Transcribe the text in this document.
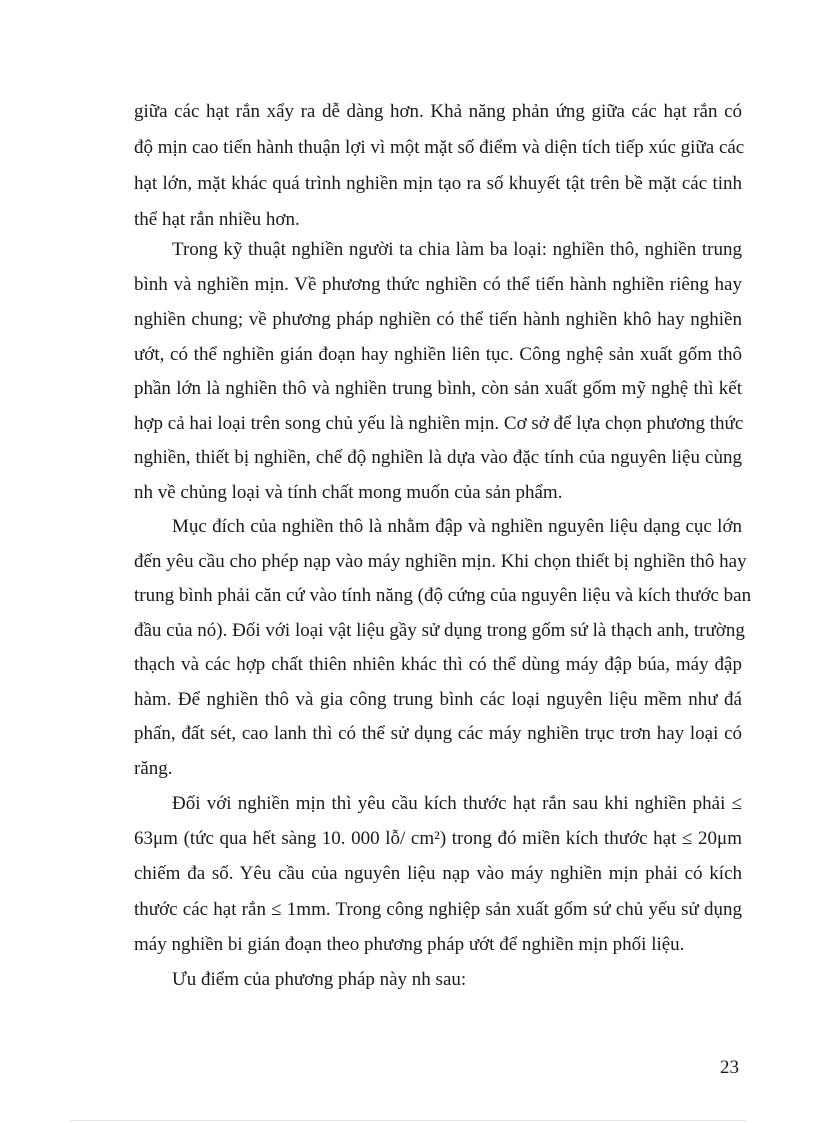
giữa các hạt rắn xẩy ra dễ dàng hơn. Khả năng phản ứng giữa các hạt rắn có
độ mịn cao tiến hành thuận lợi vì một mặt số điểm và diện tích tiếp xúc giữa các
hạt lớn, mặt khác quá trình nghiền mịn tạo ra số khuyết tật trên bề mặt các tinh
thể hạt rắn nhiều hơn.
Trong kỹ thuật nghiền người ta chia làm ba loại: nghiền thô, nghiền trung
bình và nghiền mịn. Về phương thức nghiền có thể tiến hành nghiền riêng hay
nghiền chung; về phương pháp nghiền có thể tiến hành nghiền khô hay nghiền
ướt, có thể nghiền gián đoạn hay nghiền liên tục. Công nghệ sản xuất gốm thô
phần lớn là nghiền thô và nghiền trung bình, còn sản xuất gốm mỹ nghệ thì kết
hợp cả hai loại trên song chủ yếu là nghiền mịn. Cơ sở để lựa chọn phương thức
nghiền, thiết bị nghiền, chế độ nghiền là dựa vào đặc tính của nguyên liệu cùng
nh về chủng loại và tính chất mong muốn của sản phẩm.
Mục đích của nghiền thô là nhằm đập và nghiền nguyên liệu dạng cục lớn
đến yêu cầu cho phép nạp vào máy nghiền mịn. Khi chọn thiết bị nghiền thô hay
trung bình phải căn cứ vào tính năng (độ cứng của nguyên liệu và kích thước ban
đầu của nó). Đối với loại vật liệu gầy sử dụng trong gốm sứ là thạch anh, trường
thạch và các hợp chất thiên nhiên khác thì có thể dùng máy đập búa, máy đập
hàm. Để nghiền thô và gia công trung bình các loại nguyên liệu mềm như đá
phấn, đất sét, cao lanh thì có thể sử dụng các máy nghiền trục trơn hay loại có
răng.
Đối với nghiền mịn thì yêu cầu kích thước hạt rắn sau khi nghiền phải ≤
63μm (tức qua hết sàng 10. 000 lỗ/ cm²) trong đó miền kích thước hạt ≤ 20μm
chiếm đa số. Yêu cầu của nguyên liệu nạp vào máy nghiền mịn phải có kích
thước các hạt rắn ≤ 1mm. Trong công nghiệp sản xuất gốm sứ chủ yếu sử dụng
máy nghiền bi gián đoạn theo phương pháp ướt để nghiền mịn phối liệu.
Ưu điểm của phương pháp này nh sau:
23
